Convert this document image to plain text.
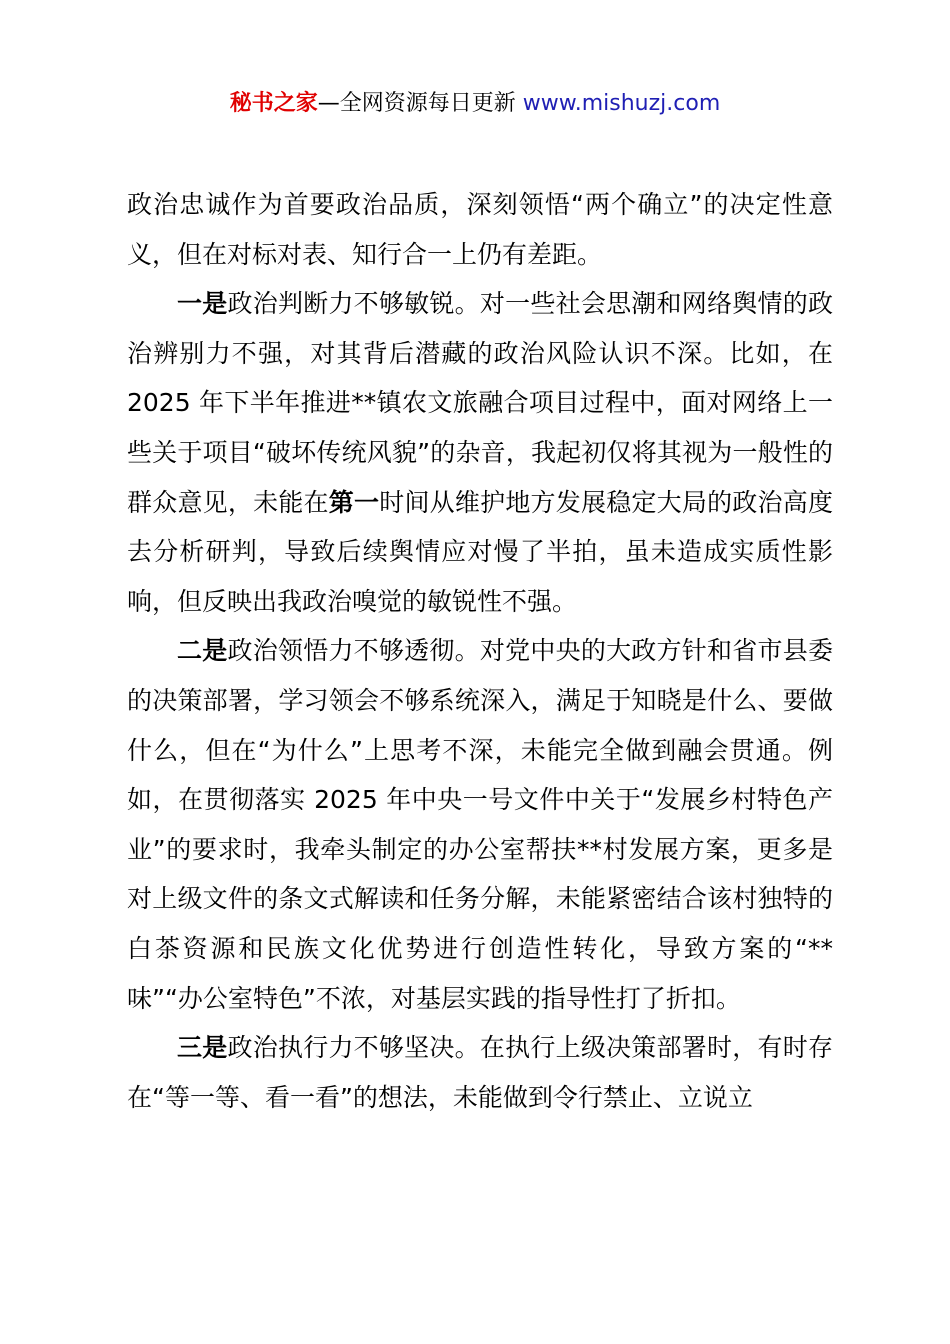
秘书之家—全网资源每日更新 www.mishuzj.com

政治忠诚作为首要政治品质，深刻领悟“两个确立”的决定性意义，但在对标对表、知行合一上仍有差距。

一是政治判断力不够敏锐。对一些社会思潮和网络舆情的政治辨别力不强，对其背后潜藏的政治风险认识不深。比如，在 2025 年下半年推进**镇农文旅融合项目过程中，面对网络上一些关于项目“破坏传统风貌”的杂音，我起初仅将其视为一般性的群众意见，未能在第一时间从维护地方发展稳定大局的政治高度去分析研判，导致后续舆情应对慢了半拍，虽未造成实质性影响，但反映出我政治嗅觉的敏锐性不强。

二是政治领悟力不够透彻。对党中央的大政方针和省市县委的决策部署，学习领会不够系统深入，满足于知晓是什么、要做什么，但在“为什么”上思考不深，未能完全做到融会贯通。例如，在贯彻落实 2025 年中央一号文件中关于“发展乡村特色产业”的要求时，我牵头制定的办公室帮扶**村发展方案，更多是对上级文件的条文式解读和任务分解，未能紧密结合该村独特的白茶资源和民族文化优势进行创造性转化，导致方案的“**味”“办公室特色”不浓，对基层实践的指导性打了折扣。

三是政治执行力不够坚决。在执行上级决策部署时，有时存在“等一等、看一看”的想法，未能做到令行禁止、立说立
